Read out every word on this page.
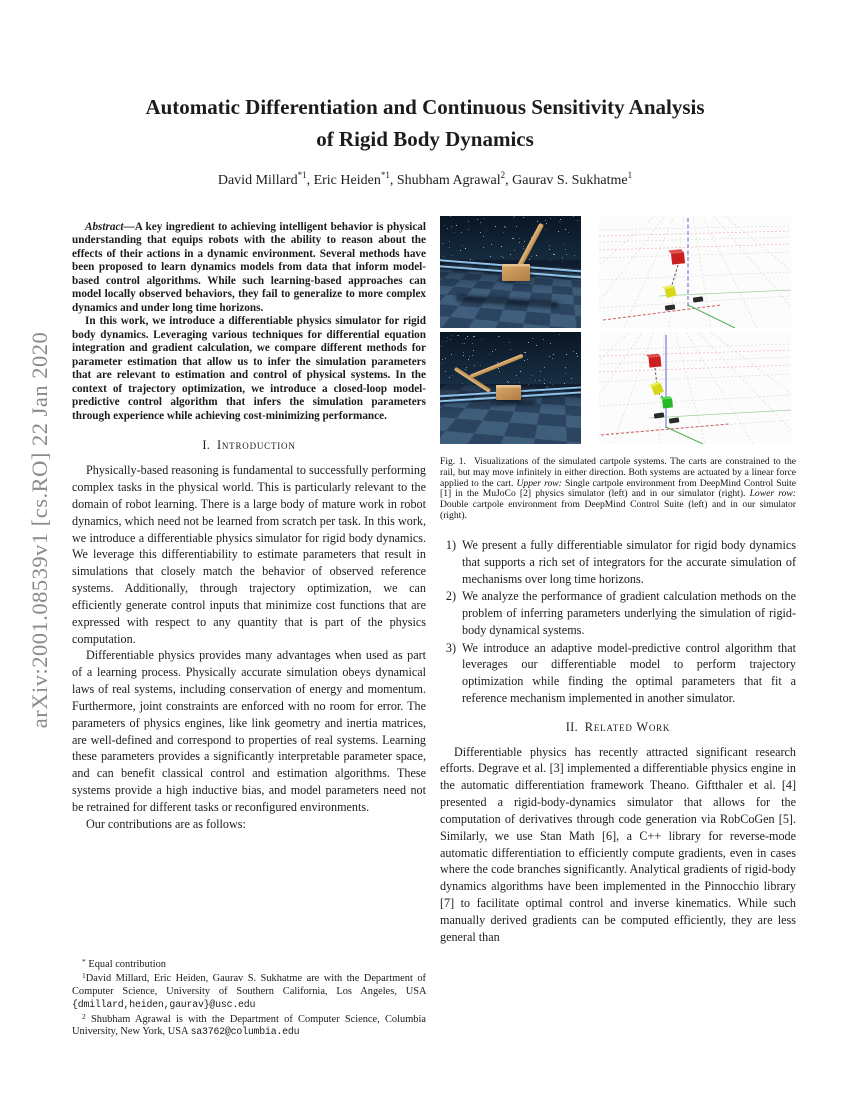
arXiv:2001.08539v1 [cs.RO] 22 Jan 2020
Automatic Differentiation and Continuous Sensitivity Analysis
of Rigid Body Dynamics
David Millard$^{*1}$, Eric Heiden$^{*1}$, Shubham Agrawal$^2$, Gaurav S. Sukhatme$^1$
Abstract—A key ingredient to achieving intelligent behavior is physical understanding that equips robots with the ability to reason about the effects of their actions in a dynamic environment. Several methods have been proposed to learn dynamics models from data that inform model-based control algorithms. While such learning-based approaches can model locally observed behaviors, they fail to generalize to more complex dynamics and under long time horizons.
In this work, we introduce a differentiable physics simulator for rigid body dynamics. Leveraging various techniques for differential equation integration and gradient calculation, we compare different methods for parameter estimation that allow us to infer the simulation parameters that are relevant to estimation and control of physical systems. In the context of trajectory optimization, we introduce a closed-loop model-predictive control algorithm that infers the simulation parameters through experience while achieving cost-minimizing performance.
I. Introduction
Physically-based reasoning is fundamental to successfully performing complex tasks in the physical world. This is particularly relevant to the domain of robot learning. There is a large body of mature work in robot dynamics, which need not be learned from scratch per task. In this work, we introduce a differentiable physics simulator for rigid body dynamics. We leverage this differentiability to estimate parameters that result in simulations that closely match the behavior of observed reference systems. Additionally, through trajectory optimization, we can efficiently generate control inputs that minimize cost functions that are expressed with respect to any quantity that is part of the physics computation.
Differentiable physics provides many advantages when used as part of a learning process. Physically accurate simulation obeys dynamical laws of real systems, including conservation of energy and momentum. Furthermore, joint constraints are enforced with no room for error. The parameters of physics engines, like link geometry and inertia matrices, are well-defined and correspond to properties of real systems. Learning these parameters provides a significantly interpretable parameter space, and can benefit classical control and estimation algorithms. These systems provide a high inductive bias, and model parameters need not be retrained for different tasks or reconfigured environments.
Our contributions are as follows:
* Equal contribution
$^1$David Millard, Eric Heiden, Gaurav S. Sukhatme are with the Department of Computer Science, University of Southern California, Los Angeles, USA {dmillard,heiden,gaurav}@usc.edu
$^2$ Shubham Agrawal is with the Department of Computer Science, Columbia University, New York, USA sa3762@columbia.edu
Fig. 1. Visualizations of the simulated cartpole systems. The carts are constrained to the rail, but may move infinitely in either direction. Both systems are actuated by a linear force applied to the cart. Upper row: Single cartpole environment from DeepMind Control Suite [1] in the MuJoCo [2] physics simulator (left) and in our simulator (right). Lower row: Double cartpole environment from DeepMind Control Suite (left) and in our simulator (right).
1) We present a fully differentiable simulator for rigid body dynamics that supports a rich set of integrators for the accurate simulation of mechanisms over long time horizons.
2) We analyze the performance of gradient calculation methods on the problem of inferring parameters underlying the simulation of rigid-body dynamical systems.
3) We introduce an adaptive model-predictive control algorithm that leverages our differentiable model to perform trajectory optimization while finding the optimal parameters that fit a reference mechanism implemented in another simulator.
II. Related Work
Differentiable physics has recently attracted significant research efforts. Degrave et al. [3] implemented a differentiable physics engine in the automatic differentiation framework Theano. Giftthaler et al. [4] presented a rigid-body-dynamics simulator that allows for the computation of derivatives through code generation via RobCoGen [5]. Similarly, we use Stan Math [6], a C++ library for reverse-mode automatic differentiation to efficiently compute gradients, even in cases where the code branches significantly. Analytical gradients of rigid-body dynamics algorithms have been implemented in the Pinnocchio library [7] to facilitate optimal control and inverse kinematics. While such manually derived gradients can be computed efficiently, they are less general than
